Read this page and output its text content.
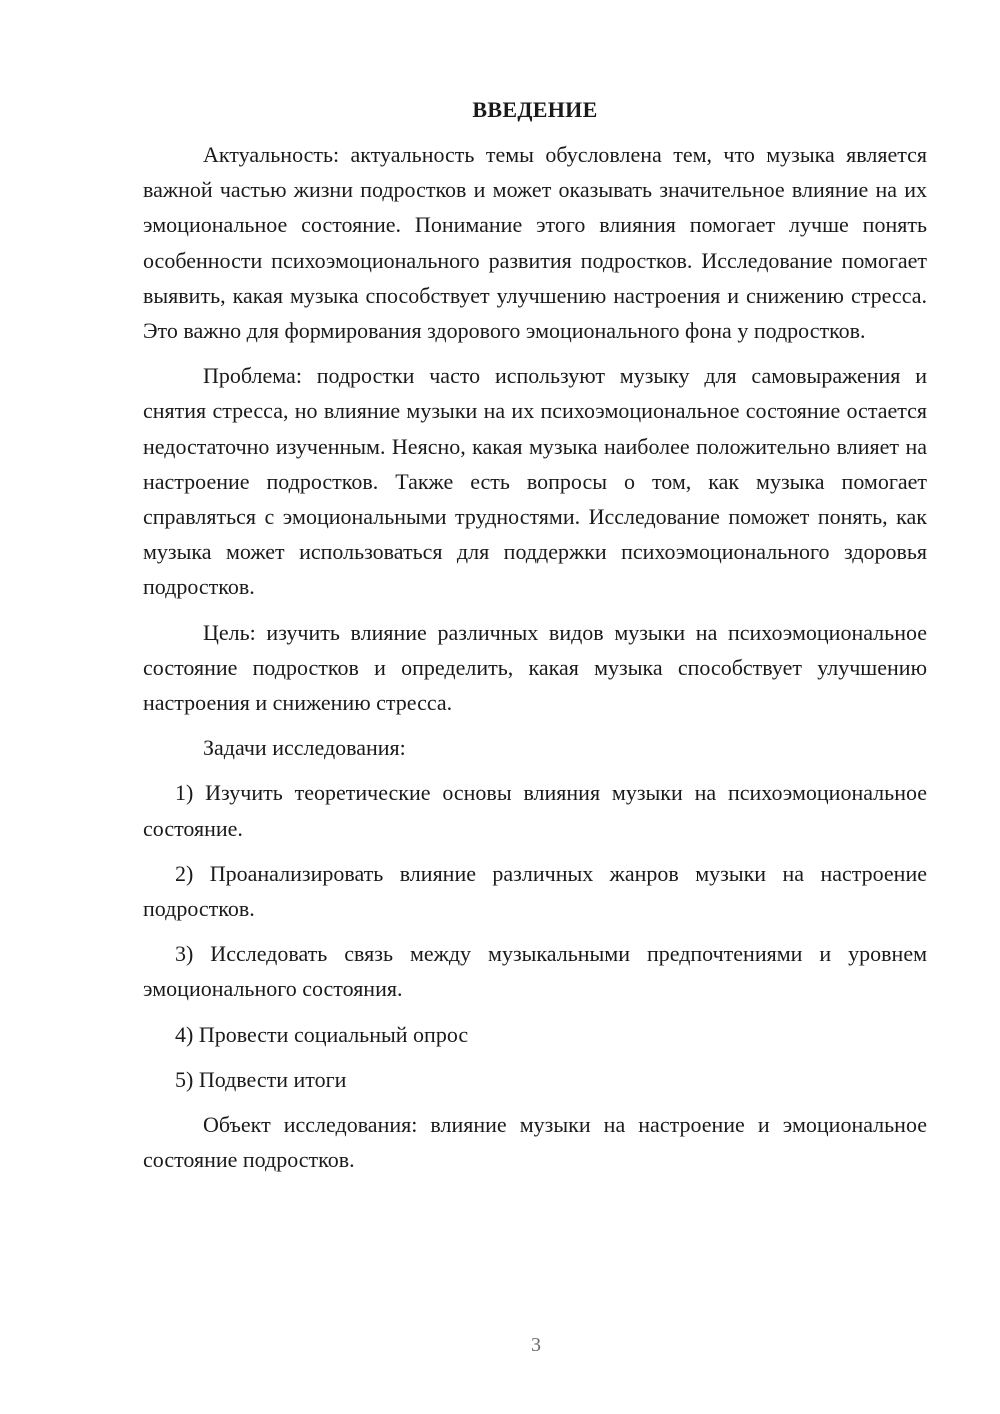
ВВЕДЕНИЕ

Актуальность: актуальность темы обусловлена тем, что музыка является важной частью жизни подростков и может оказывать значительное влияние на их эмоциональное состояние. Понимание этого влияния помогает лучше понять особенности психоэмоционального развития подростков. Исследование помогает выявить, какая музыка способствует улучшению настроения и снижению стресса. Это важно для формирования здорового эмоционального фона у подростков.

Проблема: подростки часто используют музыку для самовыражения и снятия стресса, но влияние музыки на их психоэмоциональное состояние остается недостаточно изученным. Неясно, какая музыка наиболее положительно влияет на настроение подростков. Также есть вопросы о том, как музыка помогает справляться с эмоциональными трудностями. Исследование поможет понять, как музыка может использоваться для поддержки психоэмоционального здоровья подростков.

Цель: изучить влияние различных видов музыки на психоэмоциональное состояние подростков и определить, какая музыка способствует улучшению настроения и снижению стресса.

Задачи исследования:

1) Изучить теоретические основы влияния музыки на психоэмоциональное состояние.

2) Проанализировать влияние различных жанров музыки на настроение подростков.

3) Исследовать связь между музыкальными предпочтениями и уровнем эмоционального состояния.

4) Провести социальный опрос

5) Подвести итоги

Объект исследования: влияние музыки на настроение и эмоциональное состояние подростков.

3
